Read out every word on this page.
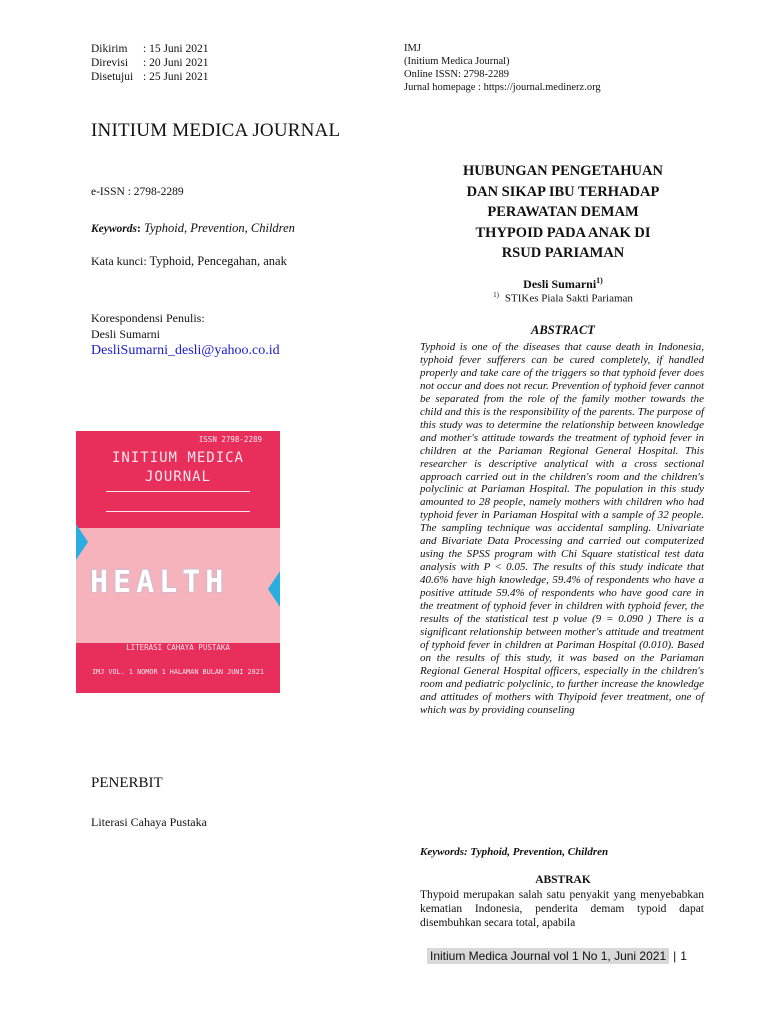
Dikirim	: 15 Juni 2021
Direvisi	: 20 Juni 2021
Disetujui : 25 Juni 2021
IMJ
(Initium Medica Journal)
Online ISSN: 2798-2289
Jurnal homepage : https://journal.medinerz.org
INITIUM MEDICA JOURNAL
e-ISSN : 2798-2289
Keywords: Typhoid, Prevention, Children
Kata kunci: Typhoid, Pencegahan, anak
Korespondensi Penulis:
Desli Sumarni
DesliSumarni_desli@yahoo.co.id
ISSN 2798-2289
INITIUM MEDICA
JOURNAL
HEALTH
LITERASI CAHAYA PUSTAKA
IMJ VOL. 1 NOMOR 1 HALAMAN BULAN JUNI 2021
PENERBIT
Literasi Cahaya Pustaka
HUBUNGAN PENGETAHUAN
DAN SIKAP IBU TERHADAP
PERAWATAN DEMAM
THYPOID PADA ANAK DI
RSUD PARIAMAN
Desli Sumarni$^{1)}$
$^{1)}$ STIKes Piala Sakti Pariaman
ABSTRACT
Typhoid is one of the diseases that cause death in Indonesia, typhoid fever sufferers can be cured completely, if handled properly and take care of the triggers so that typhoid fever does not occur and does not recur. Prevention of typhoid fever cannot be separated from the role of the family mother towards the child and this is the responsibility of the parents. The purpose of this study was to determine the relationship between knowledge and mother's attitude towards the treatment of typhoid fever in children at the Pariaman Regional General Hospital. This researcher is descriptive analytical with a cross sectional approach carried out in the children's room and the children's polyclinic at Pariaman Hospital. The population in this study amounted to 28 people, namely mothers with children who had typhoid fever in Pariaman Hospital with a sample of 32 people. The sampling technique was accidental sampling. Univariate and Bivariate Data Processing and carried out computerized using the SPSS program with Chi Square statistical test data analysis with P < 0.05. The results of this study indicate that 40.6% have high knowledge, 59.4% of respondents who have a positive attitude 59.4% of respondents who have good care in the treatment of typhoid fever in children with typhoid fever, the results of the statistical test p volue (9 = 0.090 ) There is a significant relationship between mother's attitude and treatment of typhoid fever in children at Pariman Hospital (0.010). Based on the results of this study, it was based on the Pariaman Regional General Hospital officers, especially in the children's room and pediatric polyclinic, to further increase the knowledge and attitudes of mothers with Thyipoid fever treatment, one of which was by providing counseling
Keywords: Typhoid, Prevention, Children
ABSTRAK
Thypoid merupakan salah satu penyakit yang menyebabkan kematian Indonesia, penderita demam typoid dapat disembuhkan secara total, apabila
Initium Medica Journal vol 1 No 1, Juni 2021 | 1
